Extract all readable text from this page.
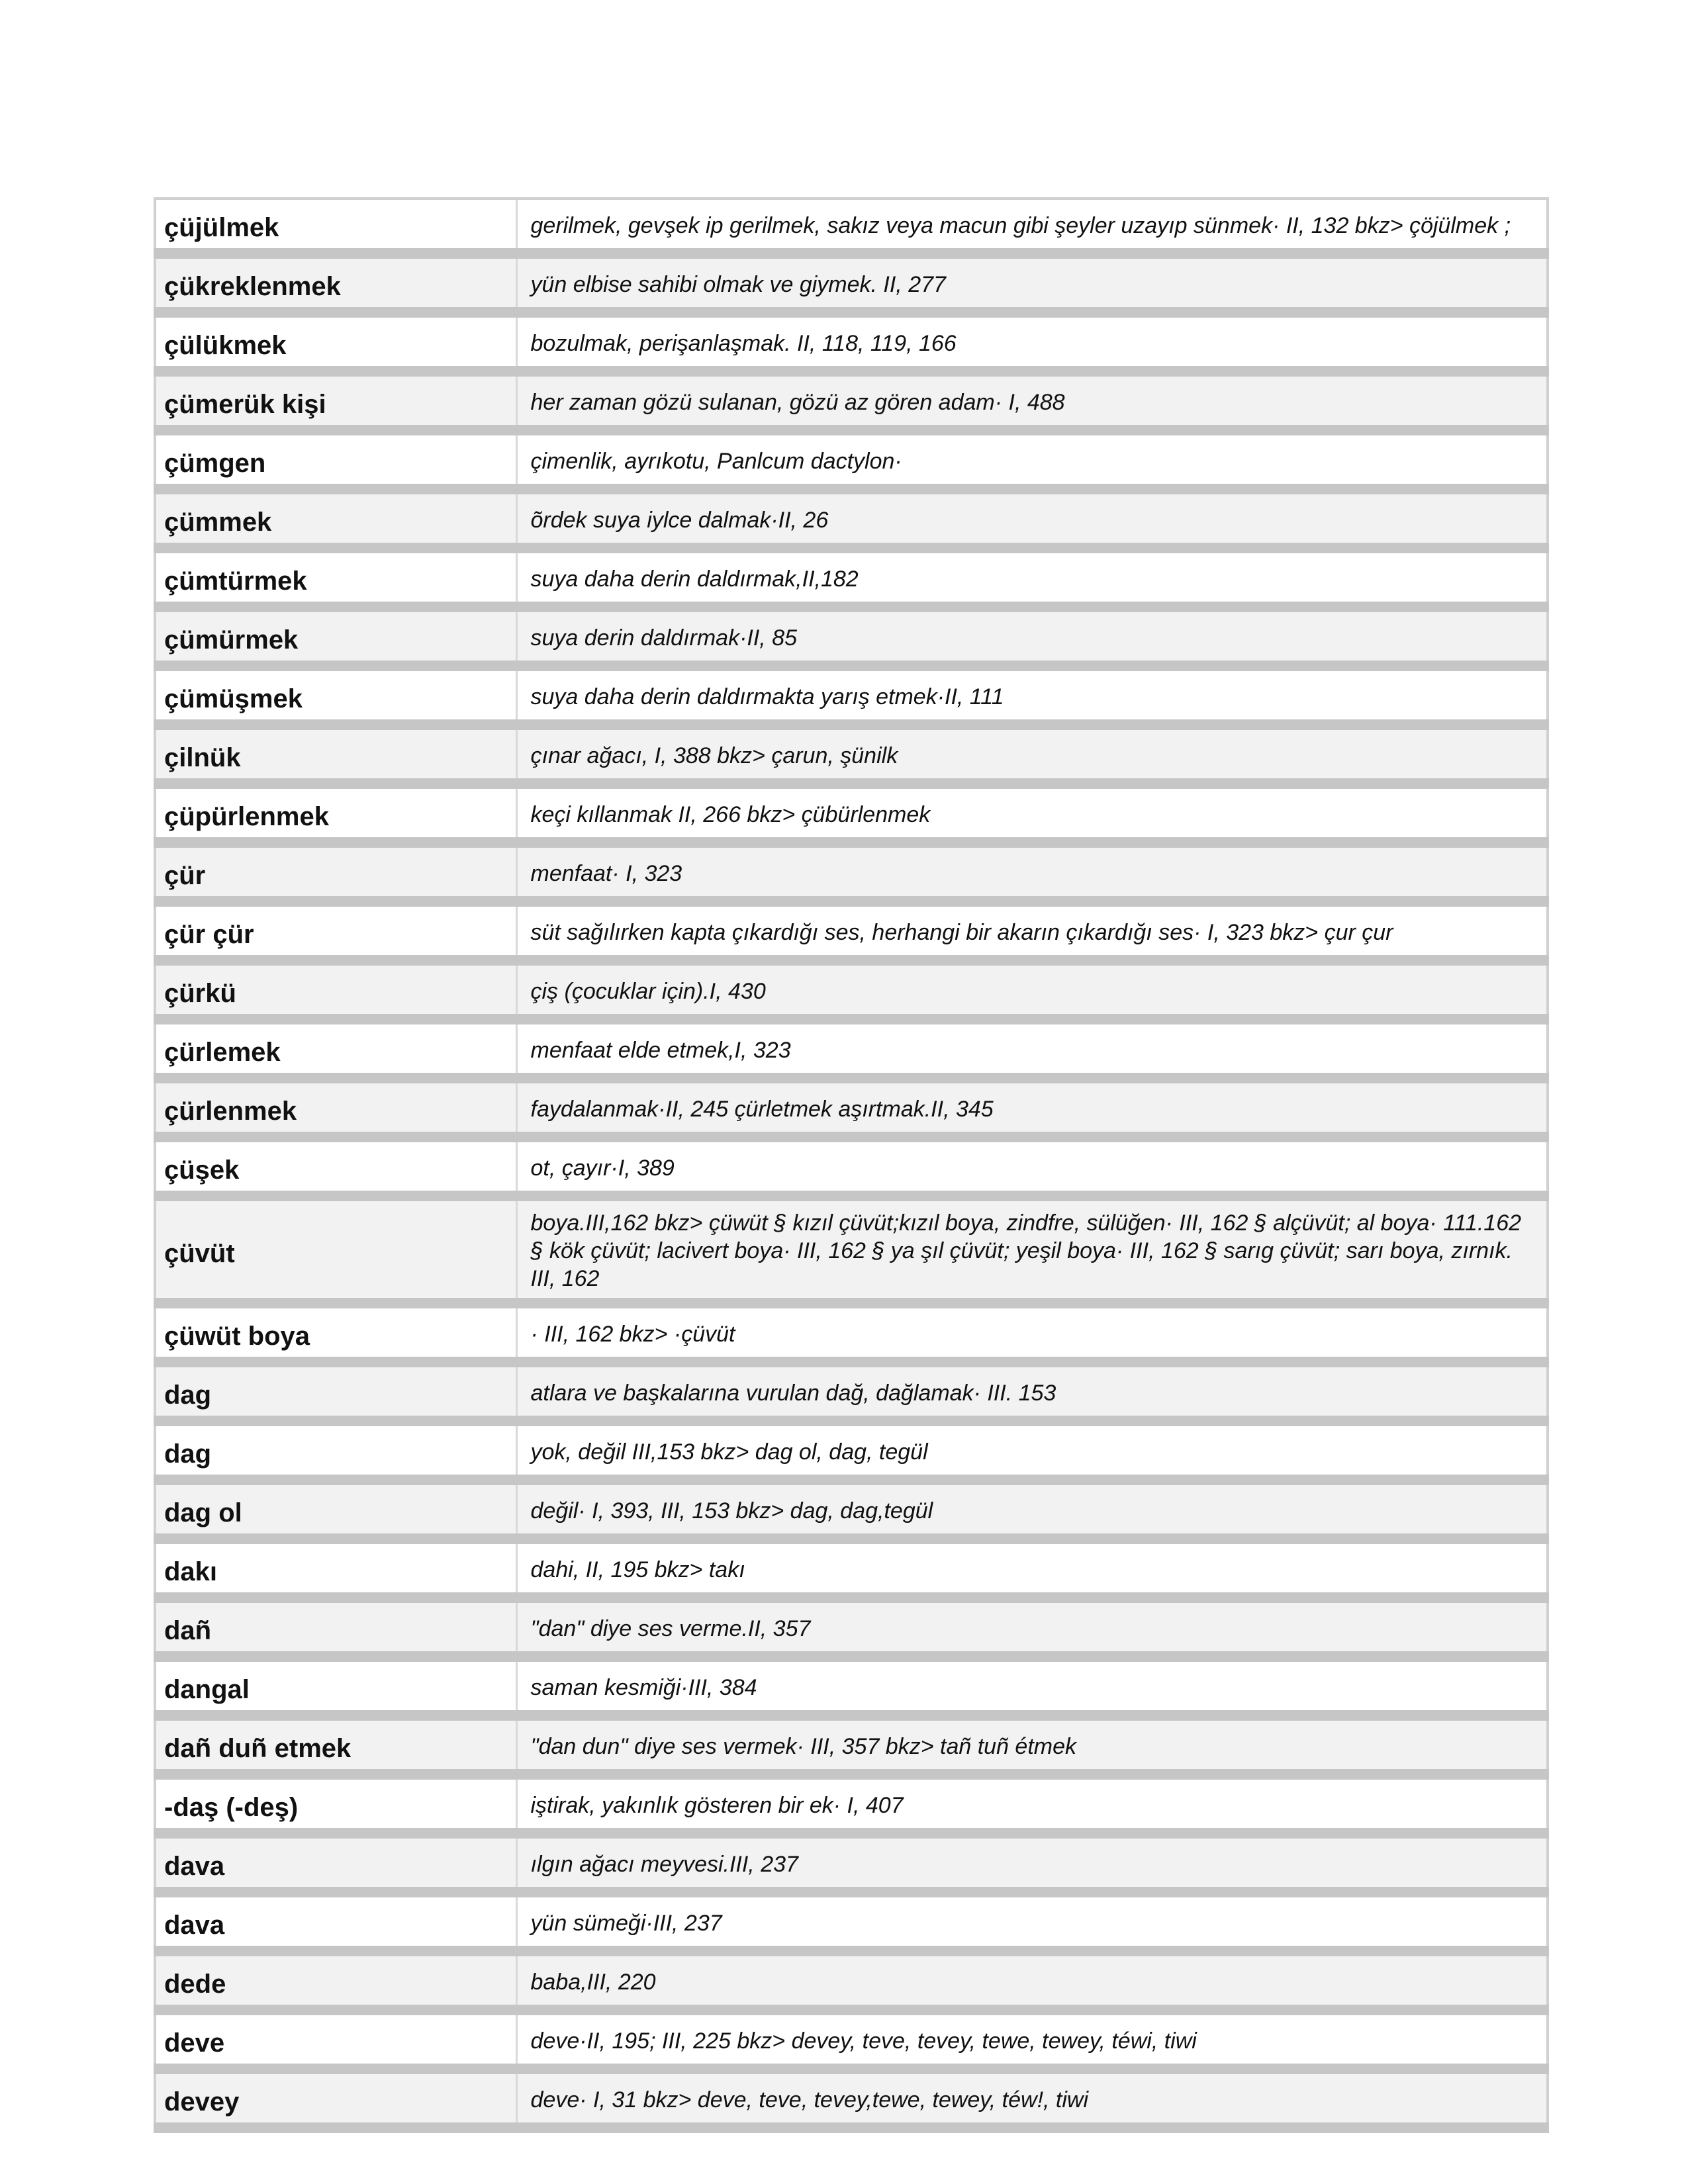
çüjülmek	gerilmek, gevşek ip gerilmek, sakız veya macun gibi şeyler uzayıp sünmek· II, 132 bkz> çöjülmek ;
çükreklenmek	yün elbise sahibi olmak ve giymek. II, 277
çülükmek	bozulmak, perişanlaşmak. II, 118, 119, 166
çümerük kişi	her zaman gözü sulanan, gözü az gören adam· I, 488
çümgen	çimenlik, ayrıkotu, Panlcum dactylon·
çümmek	õrdek suya iylce dalmak·II, 26
çümtürmek	suya daha derin daldırmak,II,182
çümürmek	suya derin daldırmak·II, 85
çümüşmek	suya daha derin daldırmakta yarış etmek·II, 111
çilnük	çınar ağacı, I, 388 bkz> çarun, şünilk
çüpürlenmek	keçi kıllanmak II, 266 bkz> çübürlenmek
çür	menfaat· I, 323
çür çür	süt sağılırken kapta çıkardığı ses, herhangi bir akarın çıkardığı ses· I, 323 bkz> çur çur
çürkü	çiş (çocuklar için).I, 430
çürlemek	menfaat elde etmek,I, 323
çürlenmek	faydalanmak·II, 245 çürletmek aşırtmak.II, 345
çüşek	ot, çayır·I, 389
çüvüt	boya.III,162 bkz> çüwüt § kızıl çüvüt;kızıl boya, zindfre, sülüğen· III, 162 § alçüvüt; al boya· 111.162 § kök çüvüt; lacivert boya· III, 162 § ya şıl çüvüt; yeşil boya· III, 162 § sarıg çüvüt; sarı boya, zırnık. III, 162
çüwüt boya	· III, 162 bkz> ·çüvüt
dag	atlara ve başkalarına vurulan dağ, dağlamak· III. 153
dag	yok, değil III,153 bkz> dag ol, dag, tegül
dag ol	değil· I, 393, III, 153 bkz> dag, dag,tegül
dakı	dahi, II, 195 bkz> takı
dañ	"dan" diye ses verme.II, 357
dangal	saman kesmiği·III, 384
dañ duñ etmek	"dan dun" diye ses vermek· III, 357 bkz> tañ tuñ étmek
-daş (-deş)	iştirak, yakınlık gösteren bir ek· I, 407
dava	ılgın ağacı meyvesi.III, 237
dava	yün sümeği·III, 237
dede	baba,III, 220
deve	deve·II, 195; III, 225 bkz> devey, teve, tevey, tewe, tewey, téwi, tiwi
devey	deve· I, 31 bkz> deve, teve, tevey,tewe, tewey, téw!, tiwi
